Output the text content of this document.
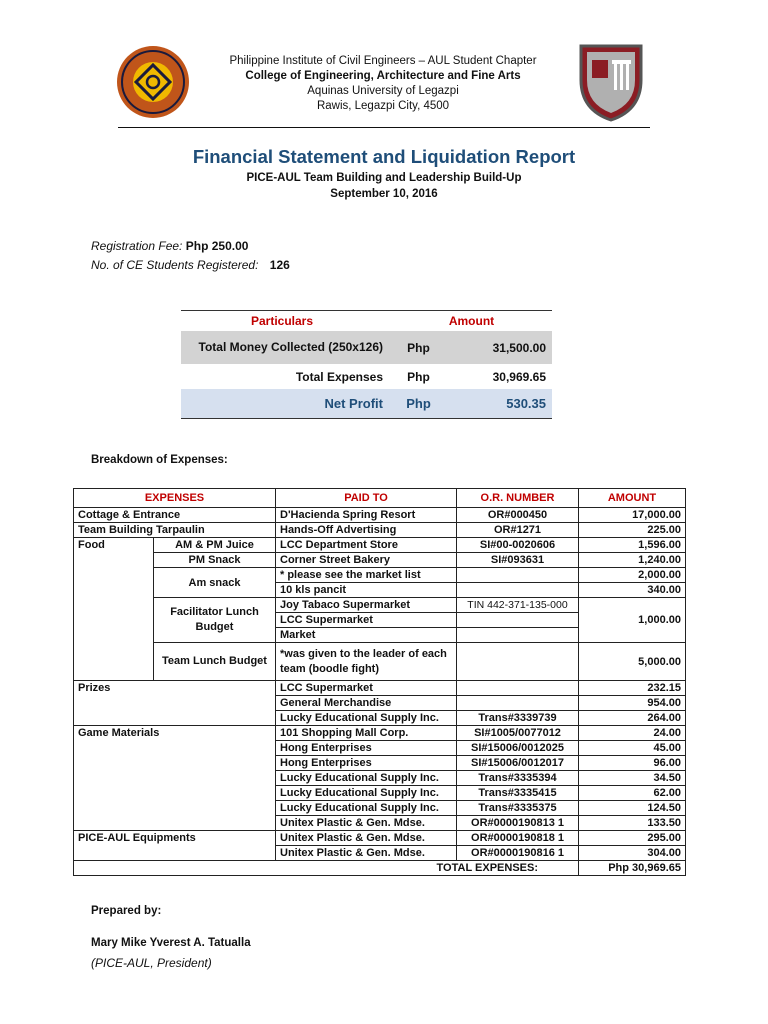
Philippine Institute of Civil Engineers – AUL Student Chapter
College of Engineering, Architecture and Fine Arts
Aquinas University of Legazpi
Rawis, Legazpi City, 4500
Financial Statement and Liquidation Report
PICE-AUL Team Building and Leadership Build-Up
September 10, 2016
Registration Fee: Php 250.00
No. of CE Students Registered: 126
Particulars	Amount
Total Money Collected (250x126)	Php	31,500.00
Total Expenses	Php	30,969.65
Net Profit	Php	530.35
Breakdown of Expenses:
EXPENSES		PAID TO	O.R. NUMBER	AMOUNT	
Cottage & Entrance		D'Hacienda Spring Resort	OR#000450	17,000.00	
Team Building Tarpaulin		Hands-Off Advertising	OR#1271	225.00	
Food	AM & PM Juice	LCC Department Store	SI#00-0020606	1,596.00	
	PM Snack	Corner Street Bakery	SI#093631	1,240.00	
	Am snack	* please see the market list		2,000.00	
		10 kls pancit		340.00	
	Facilitator Lunch Budget	Joy Tabaco Supermarket	TIN 442-371-135-000	1,000.00	
		LCC Supermarket			
		Market			
	Team Lunch Budget	*was given to the leader of each team (boodle fight)		5,000.00	

Prizes		LCC Supermarket		232.15	
		General Merchandise		954.00	
		Lucky Educational Supply Inc.	Trans#3339739	264.00	
Game Materials		101 Shopping Mall Corp.	SI#1005/0077012	24.00	
		Hong Enterprises	SI#15006/0012025	45.00	
		Hong Enterprises	SI#15006/0012017	96.00	
		Lucky Educational Supply Inc.	Trans#3335394	34.50	
		Lucky Educational Supply Inc.	Trans#3335415	62.00	
		Lucky Educational Supply Inc.	Trans#3335375	124.50	
		Unitex Plastic & Gen. Mdse.	OR#0000190813 1	133.50	
PICE-AUL Equipments		Unitex Plastic & Gen. Mdse.	OR#0000190818 1	295.00	
		Unitex Plastic & Gen. Mdse.	OR#0000190816 1	304.00	
TOTAL EXPENSES:				Php 30,969.65	
Prepared by:
Mary Mike Yverest A. Tatualla
(PICE-AUL, President)
